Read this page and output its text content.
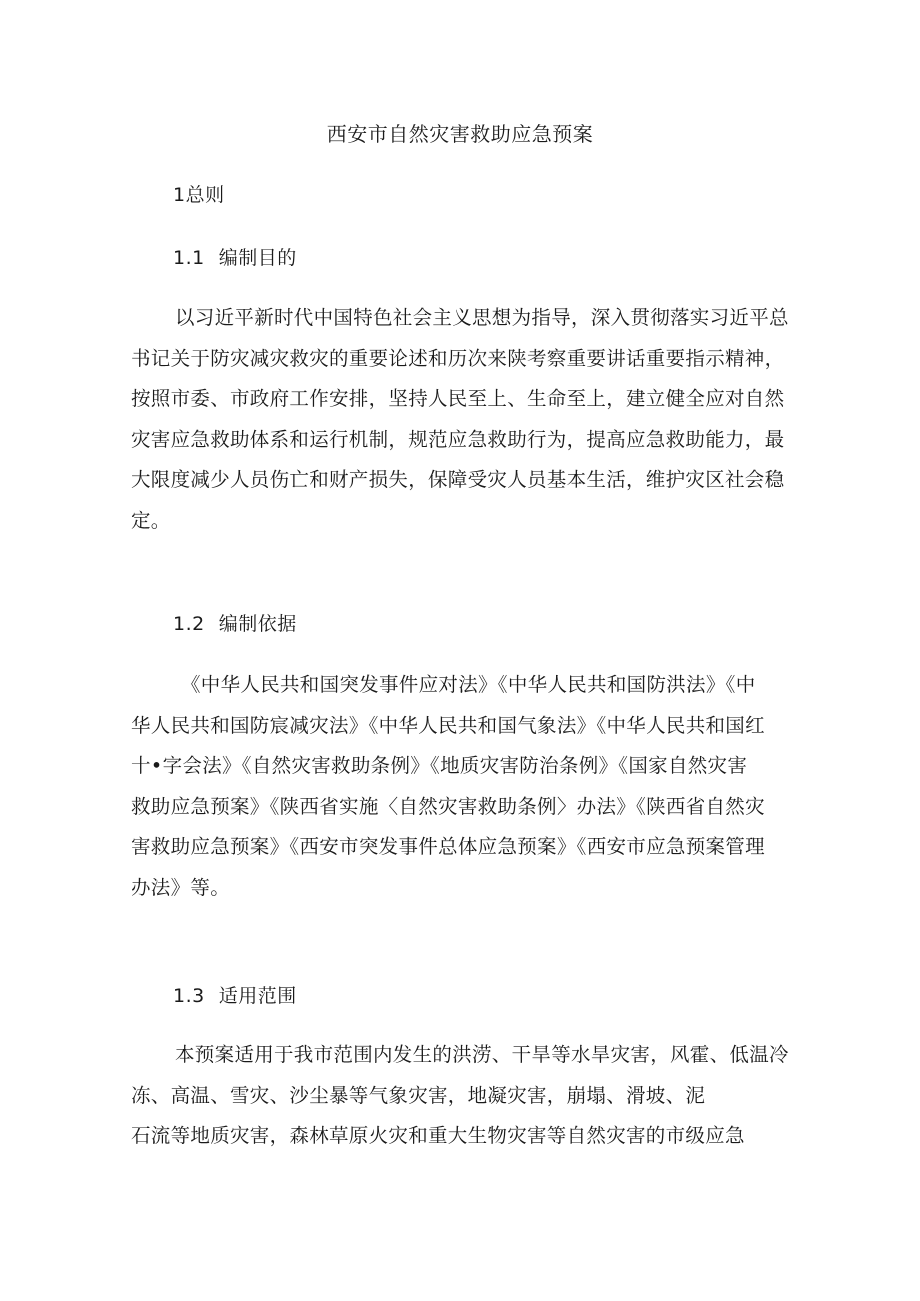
西安市自然灾害救助应急预案
1总则
1.1 编制目的
以习近平新时代中国特色社会主义思想为指导，深入贯彻落实习近平总
书记关于防灾减灾救灾的重要论述和历次来陕考察重要讲话重要指示精神，
按照市委、市政府工作安排，坚持人民至上、生命至上，建立健全应对自然
灾害应急救助体系和运行机制，规范应急救助行为，提高应急救助能力，最
大限度减少人员伤亡和财产损失，保障受灾人员基本生活，维护灾区社会稳
定。
1.2 编制依据
《中华人民共和国突发事件应对法》《中华人民共和国防洪法》《中
华人民共和国防宸减灾法》《中华人民共和国气象法》《中华人民共和国红
十•字会法》《自然灾害救助条例》《地质灾害防治条例》《国家自然灾害
救助应急预案》《陕西省实施〈自然灾害救助条例〉办法》《陕西省自然灾
害救助应急预案》《西安市突发事件总体应急预案》《西安市应急预案管理
办法》等。
1.3 适用范围
本预案适用于我市范围内发生的洪涝、干旱等水旱灾害，风霍、低温冷
冻、高温、雪灾、沙尘暴等气象灾害，地凝灾害，崩塌、滑坡、泥
石流等地质灾害，森林草原火灾和重大生物灾害等自然灾害的市级应急
